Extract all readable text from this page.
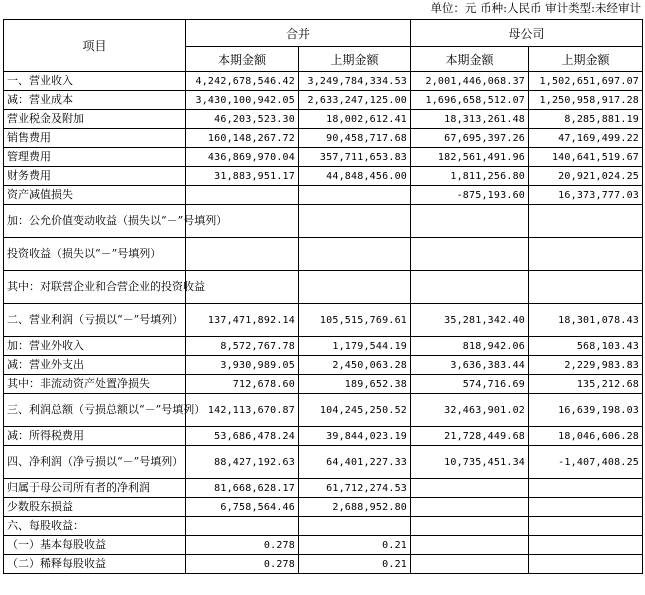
单位：元 币种:人民币 审计类型:未经审计
项目	合并		母公司	
	本期金额	上期金额	本期金额	上期金额
一、营业收入	4,242,678,546.42	3,249,784,334.53	2,001,446,068.37	1,502,651,697.07
减：营业成本	3,430,100,942.05	2,633,247,125.00	1,696,658,512.07	1,250,958,917.28
营业税金及附加	46,203,523.30	18,002,612.41	18,313,261.48	8,285,881.19
销售费用	160,148,267.72	90,458,717.68	67,695,397.26	47,169,499.22
管理费用	436,869,970.04	357,711,653.83	182,561,491.96	140,641,519.67
财务费用	31,883,951.17	44,848,456.00	1,811,256.80	20,921,024.25
资产减值损失			-875,193.60	16,373,777.03
加：公允价值变动收益（损失以“－”号填列）				
投资收益（损失以“－”号填列）				
其中：对联营企业和合营企业的投资收益				
二、营业利润（亏损以“－”号填列）	137,471,892.14	105,515,769.61	35,281,342.40	18,301,078.43
加：营业外收入	8,572,767.78	1,179,544.19	818,942.06	568,103.43
减：营业外支出	3,930,989.05	2,450,063.28	3,636,383.44	2,229,983.83
其中：非流动资产处置净损失	712,678.60	189,652.38	574,716.69	135,212.68
三、利润总额（亏损总额以“－”号填列）	142,113,670.87	104,245,250.52	32,463,901.02	16,639,198.03
减：所得税费用	53,686,478.24	39,844,023.19	21,728,449.68	18,046,606.28
四、净利润（净亏损以“－”号填列）	88,427,192.63	64,401,227.33	10,735,451.34	-1,407,408.25
归属于母公司所有者的净利润	81,668,628.17	61,712,274.53		
少数股东损益	6,758,564.46	2,688,952.80		
六、每股收益：				
（一）基本每股收益	0.278	0.21		
（二）稀释每股收益	0.278	0.21		
